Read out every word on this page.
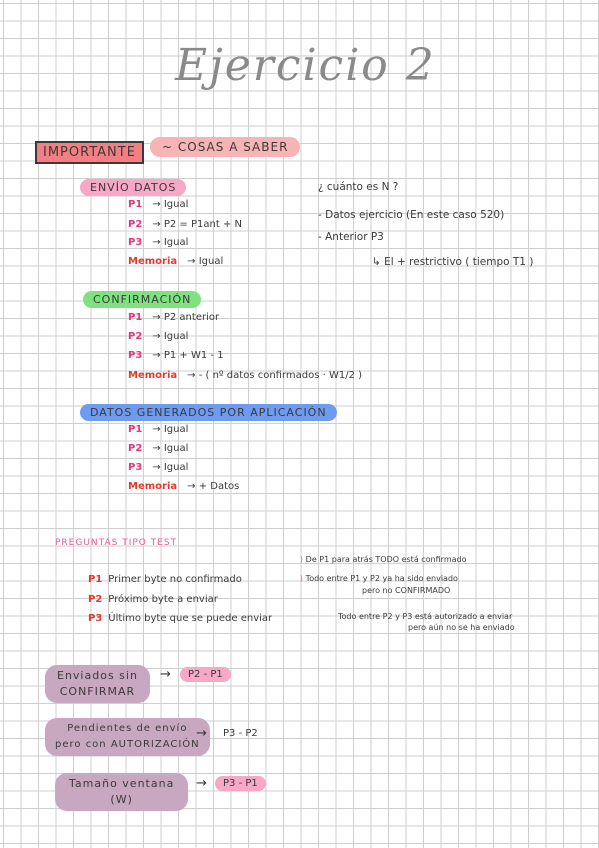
Ejercicio 2
IMPORTANTE	~ COSAS A SABER
ENVÍO DATOS
P1 → Igual
P2 → P2 = P1ant + N
P3 → Igual
Memoria → Igual
¿ cuánto es N ?
- Datos ejercicio (En este caso 520)
- Anterior P3
↳ El + restrictivo ( tiempo T1 )
CONFIRMACIÓN
P1 → P2 anterior
P2 → Igual
P3 → P1 + W1 - 1
Memoria → - ( nº datos confirmados · W1/2 )
DATOS GENERADOS POR APLICACIÓN
P1 → Igual
P2 → Igual
P3 → Igual
Memoria → + Datos
PREGUNTAS TIPO TEST
⟩ De P1 para atrás TODO está confirmado
P1 Primer byte no confirmado	⟩ Todo entre P1 y P2 ya ha sido enviado
pero no CONFIRMADO
P2 Próximo byte a enviar
P3 Último byte que se puede enviar	Todo entre P2 y P3 está autorizado a enviar
pero aún no se ha enviado
Enviados sin
CONFIRMAR
→	P2 - P1
Pendientes de envío
pero con AUTORIZACIÓN
→	P3 - P2
Tamaño ventana
(W)
→	P3 - P1
